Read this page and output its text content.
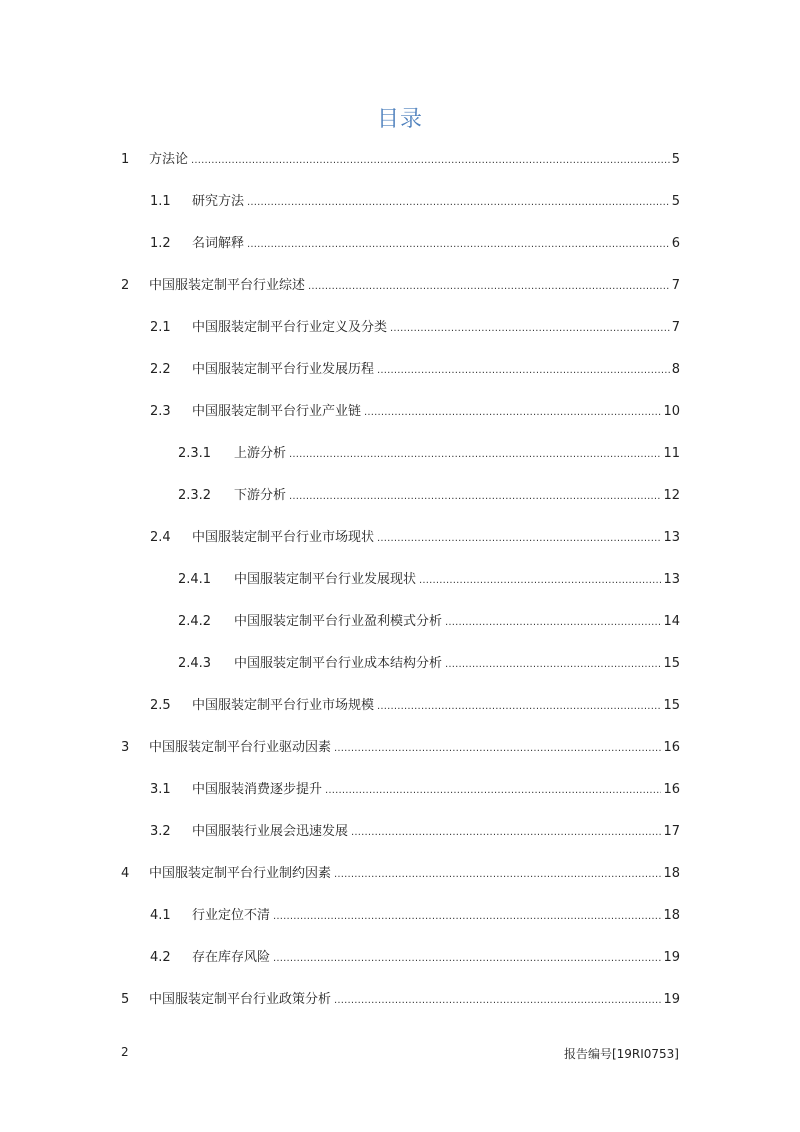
目录
1	方法论 .....	5
1.1	研究方法 .....	5
1.2	名词解释 .....	6
2	中国服装定制平台行业综述 .....	7
2.1	中国服装定制平台行业定义及分类 .....	7
2.2	中国服装定制平台行业发展历程 .....	8
2.3	中国服装定制平台行业产业链 .....	10
2.3.1	上游分析 .....	11
2.3.2	下游分析 .....	12
2.4	中国服装定制平台行业市场现状 .....	13
2.4.1	中国服装定制平台行业发展现状 .....	13
2.4.2	中国服装定制平台行业盈利模式分析 .....	14
2.4.3	中国服装定制平台行业成本结构分析 .....	15
2.5	中国服装定制平台行业市场规模 .....	15
3	中国服装定制平台行业驱动因素 .....	16
3.1	中国服装消费逐步提升 .....	16
3.2	中国服装行业展会迅速发展 .....	17
4	中国服装定制平台行业制约因素 .....	18
4.1	行业定位不清 .....	18
4.2	存在库存风险 .....	19
5	中国服装定制平台行业政策分析 .....	19
2	报告编号[19RI0753]
